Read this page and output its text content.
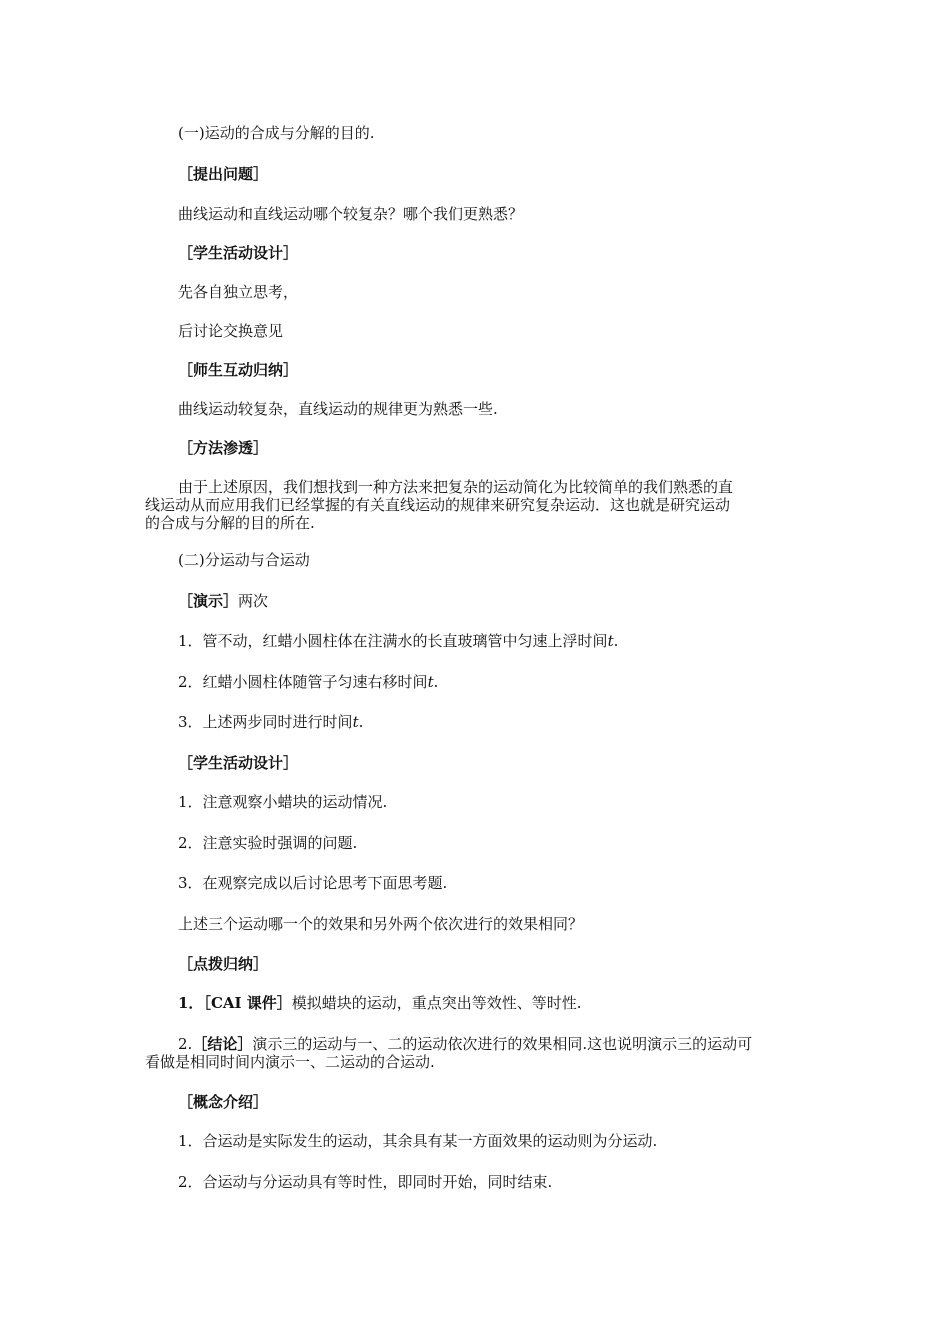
(一)运动的合成与分解的目的.
［提出问题］
曲线运动和直线运动哪个较复杂？哪个我们更熟悉？
［学生活动设计］
先各自独立思考，
后讨论交换意见
［师生互动归纳］
曲线运动较复杂，直线运动的规律更为熟悉一些.
［方法渗透］
由于上述原因，我们想找到一种方法来把复杂的运动简化为比较简单的我们熟悉的直
线运动从而应用我们已经掌握的有关直线运动的规律来研究复杂运动．这也就是研究运动
的合成与分解的目的所在.
(二)分运动与合运动
［演示］两次
1．管不动，红蜡小圆柱体在注满水的长直玻璃管中匀速上浮时间t.
2．红蜡小圆柱体随管子匀速右移时间t.
3．上述两步同时进行时间t.
［学生活动设计］
1．注意观察小蜡块的运动情况.
2．注意实验时强调的问题.
3．在观察完成以后讨论思考下面思考题.
上述三个运动哪一个的效果和另外两个依次进行的效果相同？
［点拨归纳］
1．［CAI 课件］模拟蜡块的运动，重点突出等效性、等时性.
2.［结论］演示三的运动与一、二的运动依次进行的效果相同.这也说明演示三的运动可
看做是相同时间内演示一、二运动的合运动.
［概念介绍］
1．合运动是实际发生的运动，其余具有某一方面效果的运动则为分运动.
2．合运动与分运动具有等时性，即同时开始，同时结束.
